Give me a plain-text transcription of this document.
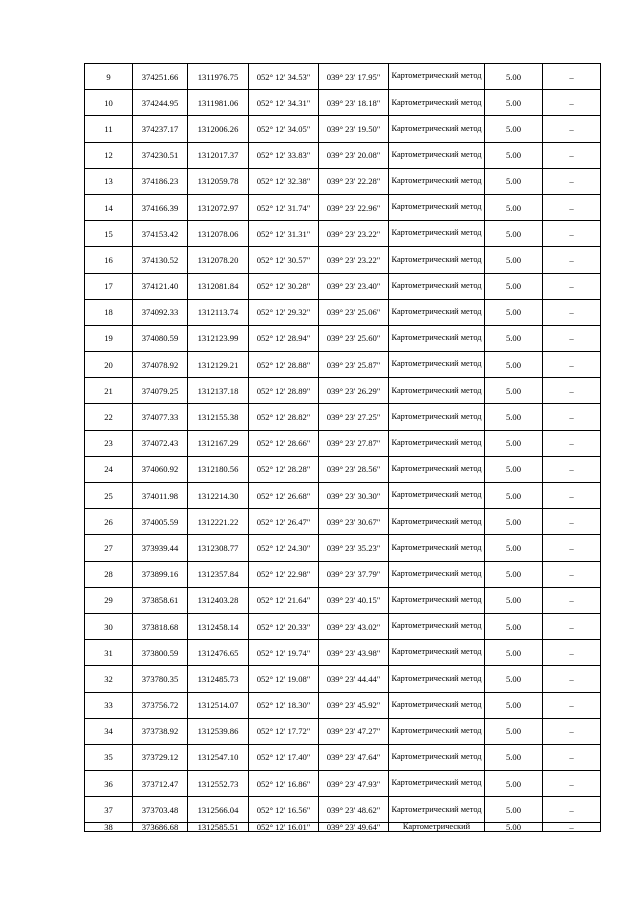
9	374251.66	1311976.75	052° 12' 34.53"	039° 23' 17.95"	Картометрический метод	5.00	–
10	374244.95	1311981.06	052° 12' 34.31"	039° 23' 18.18"	Картометрический метод	5.00	–
11	374237.17	1312006.26	052° 12' 34.05"	039° 23' 19.50"	Картометрический метод	5.00	–
12	374230.51	1312017.37	052° 12' 33.83"	039° 23' 20.08"	Картометрический метод	5.00	–
13	374186.23	1312059.78	052° 12' 32.38"	039° 23' 22.28"	Картометрический метод	5.00	–
14	374166.39	1312072.97	052° 12' 31.74"	039° 23' 22.96"	Картометрический метод	5.00	–
15	374153.42	1312078.06	052° 12' 31.31"	039° 23' 23.22"	Картометрический метод	5.00	–
16	374130.52	1312078.20	052° 12' 30.57"	039° 23' 23.22"	Картометрический метод	5.00	–
17	374121.40	1312081.84	052° 12' 30.28"	039° 23' 23.40"	Картометрический метод	5.00	–
18	374092.33	1312113.74	052° 12' 29.32"	039° 23' 25.06"	Картометрический метод	5.00	–
19	374080.59	1312123.99	052° 12' 28.94"	039° 23' 25.60"	Картометрический метод	5.00	–
20	374078.92	1312129.21	052° 12' 28.88"	039° 23' 25.87"	Картометрический метод	5.00	–
21	374079.25	1312137.18	052° 12' 28.89"	039° 23' 26.29"	Картометрический метод	5.00	–
22	374077.33	1312155.38	052° 12' 28.82"	039° 23' 27.25"	Картометрический метод	5.00	–
23	374072.43	1312167.29	052° 12' 28.66"	039° 23' 27.87"	Картометрический метод	5.00	–
24	374060.92	1312180.56	052° 12' 28.28"	039° 23' 28.56"	Картометрический метод	5.00	–
25	374011.98	1312214.30	052° 12' 26.68"	039° 23' 30.30"	Картометрический метод	5.00	–
26	374005.59	1312221.22	052° 12' 26.47"	039° 23' 30.67"	Картометрический метод	5.00	–
27	373939.44	1312308.77	052° 12' 24.30"	039° 23' 35.23"	Картометрический метод	5.00	–
28	373899.16	1312357.84	052° 12' 22.98"	039° 23' 37.79"	Картометрический метод	5.00	–
29	373858.61	1312403.28	052° 12' 21.64"	039° 23' 40.15"	Картометрический метод	5.00	–
30	373818.68	1312458.14	052° 12' 20.33"	039° 23' 43.02"	Картометрический метод	5.00	–
31	373800.59	1312476.65	052° 12' 19.74"	039° 23' 43.98"	Картометрический метод	5.00	–
32	373780.35	1312485.73	052° 12' 19.08"	039° 23' 44.44"	Картометрический метод	5.00	–
33	373756.72	1312514.07	052° 12' 18.30"	039° 23' 45.92"	Картометрический метод	5.00	–
34	373738.92	1312539.86	052° 12' 17.72"	039° 23' 47.27"	Картометрический метод	5.00	–
35	373729.12	1312547.10	052° 12' 17.40"	039° 23' 47.64"	Картометрический метод	5.00	–
36	373712.47	1312552.73	052° 12' 16.86"	039° 23' 47.93"	Картометрический метод	5.00	–
37	373703.48	1312566.04	052° 12' 16.56"	039° 23' 48.62"	Картометрический метод	5.00	–
38	373686.68	1312585.51	052° 12' 16.01"	039° 23' 49.64"	Картометрический	5.00	–
